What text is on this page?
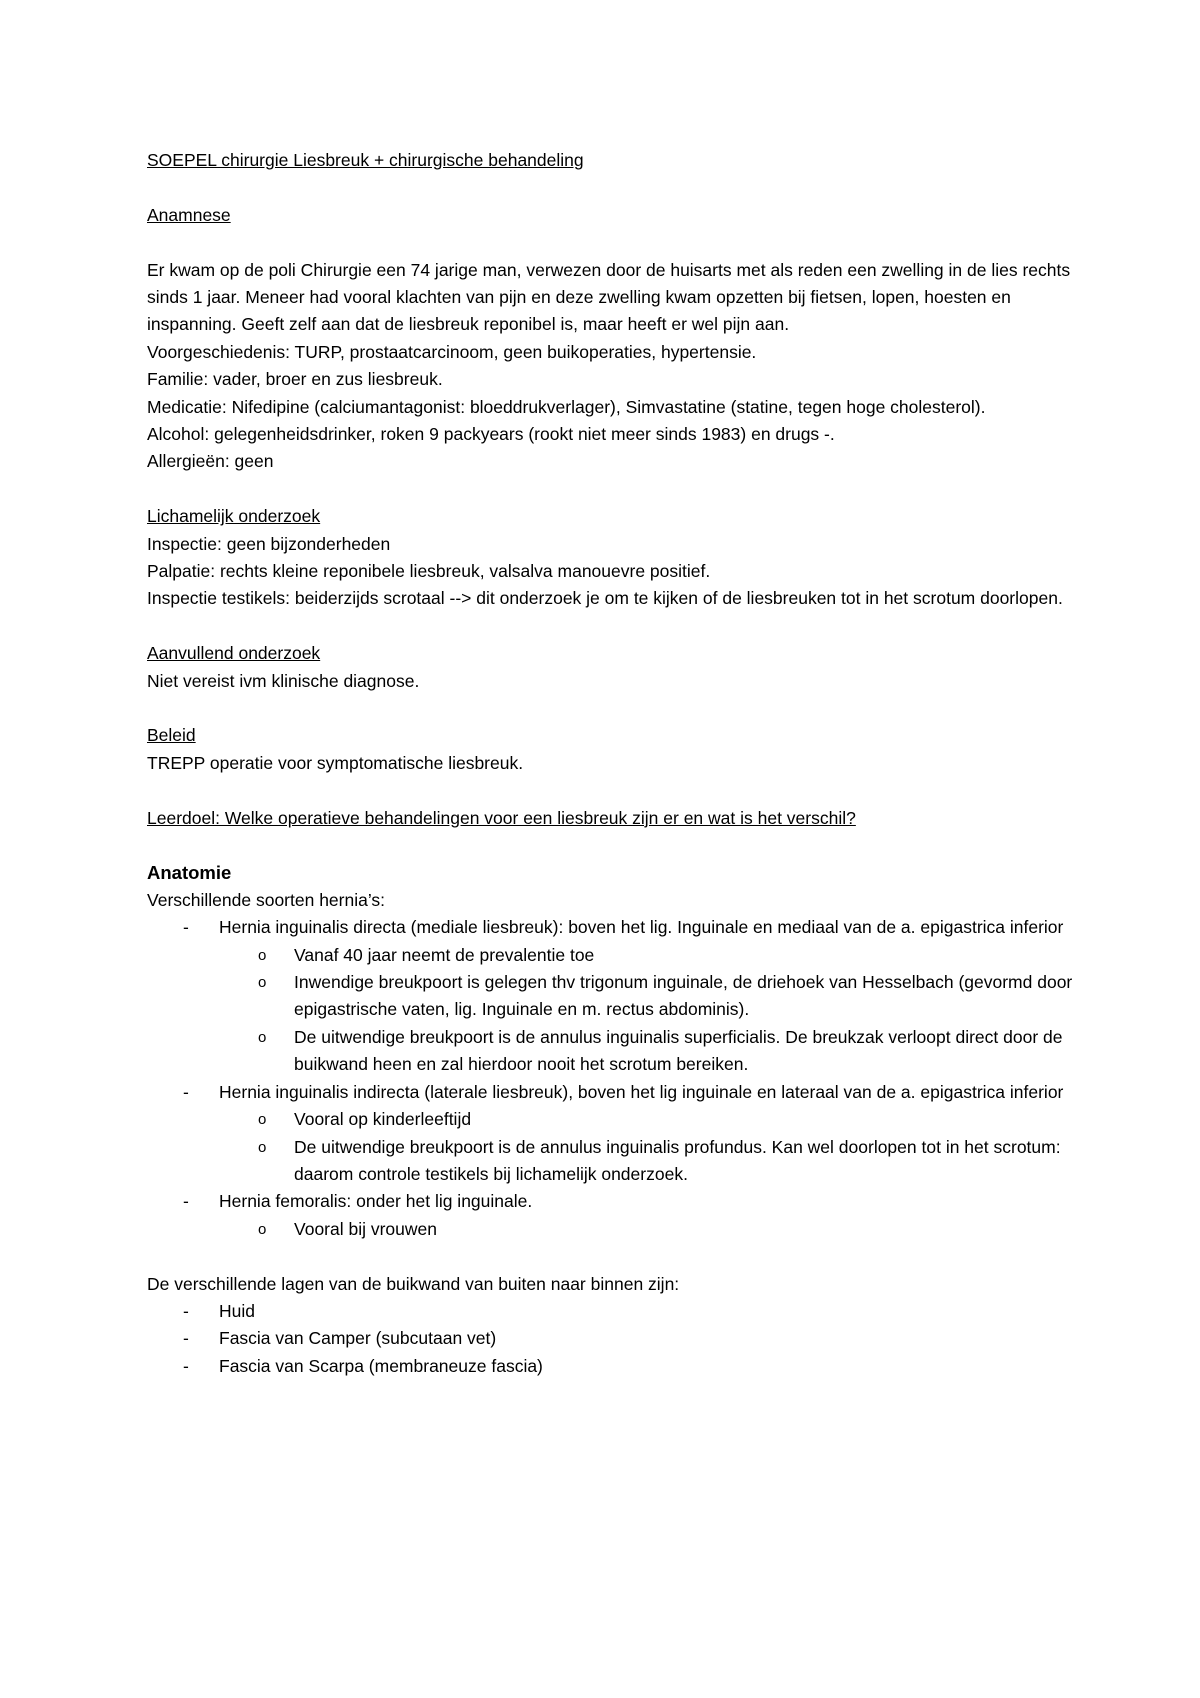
SOEPEL chirurgie Liesbreuk + chirurgische behandeling

Anamnese

Er kwam op de poli Chirurgie een 74 jarige man, verwezen door de huisarts met als reden een zwelling in de lies rechts sinds 1 jaar. Meneer had vooral klachten van pijn en deze zwelling kwam opzetten bij fietsen, lopen, hoesten en inspanning. Geeft zelf aan dat de liesbreuk reponibel is, maar heeft er wel pijn aan.

Voorgeschiedenis: TURP, prostaatcarcinoom, geen buikoperaties, hypertensie.

Familie: vader, broer en zus liesbreuk.

Medicatie: Nifedipine (calciumantagonist: bloeddrukverlager), Simvastatine (statine, tegen hoge cholesterol).

Alcohol: gelegenheidsdrinker, roken 9 packyears (rookt niet meer sinds 1983) en drugs -.

Allergieën: geen

Lichamelijk onderzoek

Inspectie: geen bijzonderheden

Palpatie: rechts kleine reponibele liesbreuk, valsalva manouevre positief.

Inspectie testikels: beiderzijds scrotaal --> dit onderzoek je om te kijken of de liesbreuken tot in het scrotum doorlopen.

Aanvullend onderzoek

Niet vereist ivm klinische diagnose.

Beleid

TREPP operatie voor symptomatische liesbreuk.

Leerdoel: Welke operatieve behandelingen voor een liesbreuk zijn er en wat is het verschil?

Anatomie

Verschillende soorten hernia’s:

- Hernia inguinalis directa (mediale liesbreuk): boven het lig. Inguinale en mediaal van de a. epigastrica inferior
o Vanaf 40 jaar neemt de prevalentie toe
o Inwendige breukpoort is gelegen thv trigonum inguinale, de driehoek van Hesselbach (gevormd door epigastrische vaten, lig. Inguinale en m. rectus abdominis).
o De uitwendige breukpoort is de annulus inguinalis superficialis. De breukzak verloopt direct door de buikwand heen en zal hierdoor nooit het scrotum bereiken.
- Hernia inguinalis indirecta (laterale liesbreuk), boven het lig inguinale en lateraal van de a. epigastrica inferior
o Vooral op kinderleeftijd
o De uitwendige breukpoort is de annulus inguinalis profundus. Kan wel doorlopen tot in het scrotum: daarom controle testikels bij lichamelijk onderzoek.
- Hernia femoralis: onder het lig inguinale.
o Vooral bij vrouwen

De verschillende lagen van de buikwand van buiten naar binnen zijn:

- Huid
- Fascia van Camper (subcutaan vet)
- Fascia van Scarpa (membraneuze fascia)
